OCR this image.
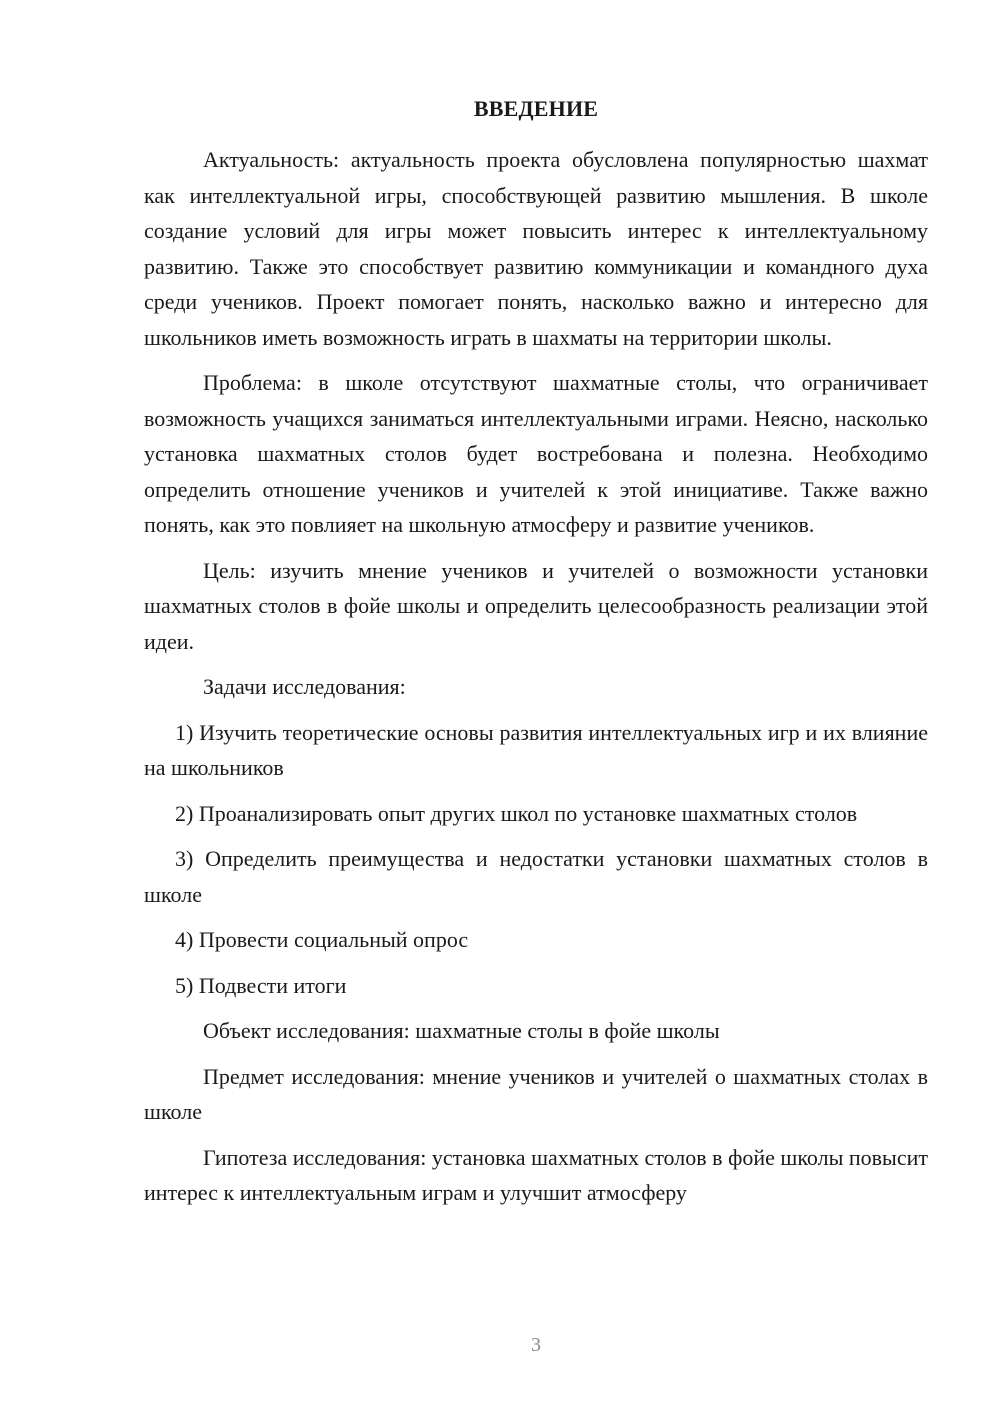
ВВЕДЕНИЕ

Актуальность: актуальность проекта обусловлена популярностью шахмат как интеллектуальной игры, способствующей развитию мышления. В школе создание условий для игры может повысить интерес к интеллектуальному развитию. Также это способствует развитию коммуникации и командного духа среди учеников. Проект помогает понять, насколько важно и интересно для школьников иметь возможность играть в шахматы на территории школы.

Проблема: в школе отсутствуют шахматные столы, что ограничивает возможность учащихся заниматься интеллектуальными играми. Неясно, насколько установка шахматных столов будет востребована и полезна. Необходимо определить отношение учеников и учителей к этой инициативе. Также важно понять, как это повлияет на школьную атмосферу и развитие учеников.

Цель: изучить мнение учеников и учителей о возможности установки шахматных столов в фойе школы и определить целесообразность реализации этой идеи.

Задачи исследования:

1) Изучить теоретические основы развития интеллектуальных игр и их влияние на школьников

2) Проанализировать опыт других школ по установке шахматных столов

3) Определить преимущества и недостатки установки шахматных столов в школе

4) Провести социальный опрос

5) Подвести итоги

Объект исследования: шахматные столы в фойе школы

Предмет исследования: мнение учеников и учителей о шахматных столах в школе

Гипотеза исследования: установка шахматных столов в фойе школы повысит интерес к интеллектуальным играм и улучшит атмосферу

3
